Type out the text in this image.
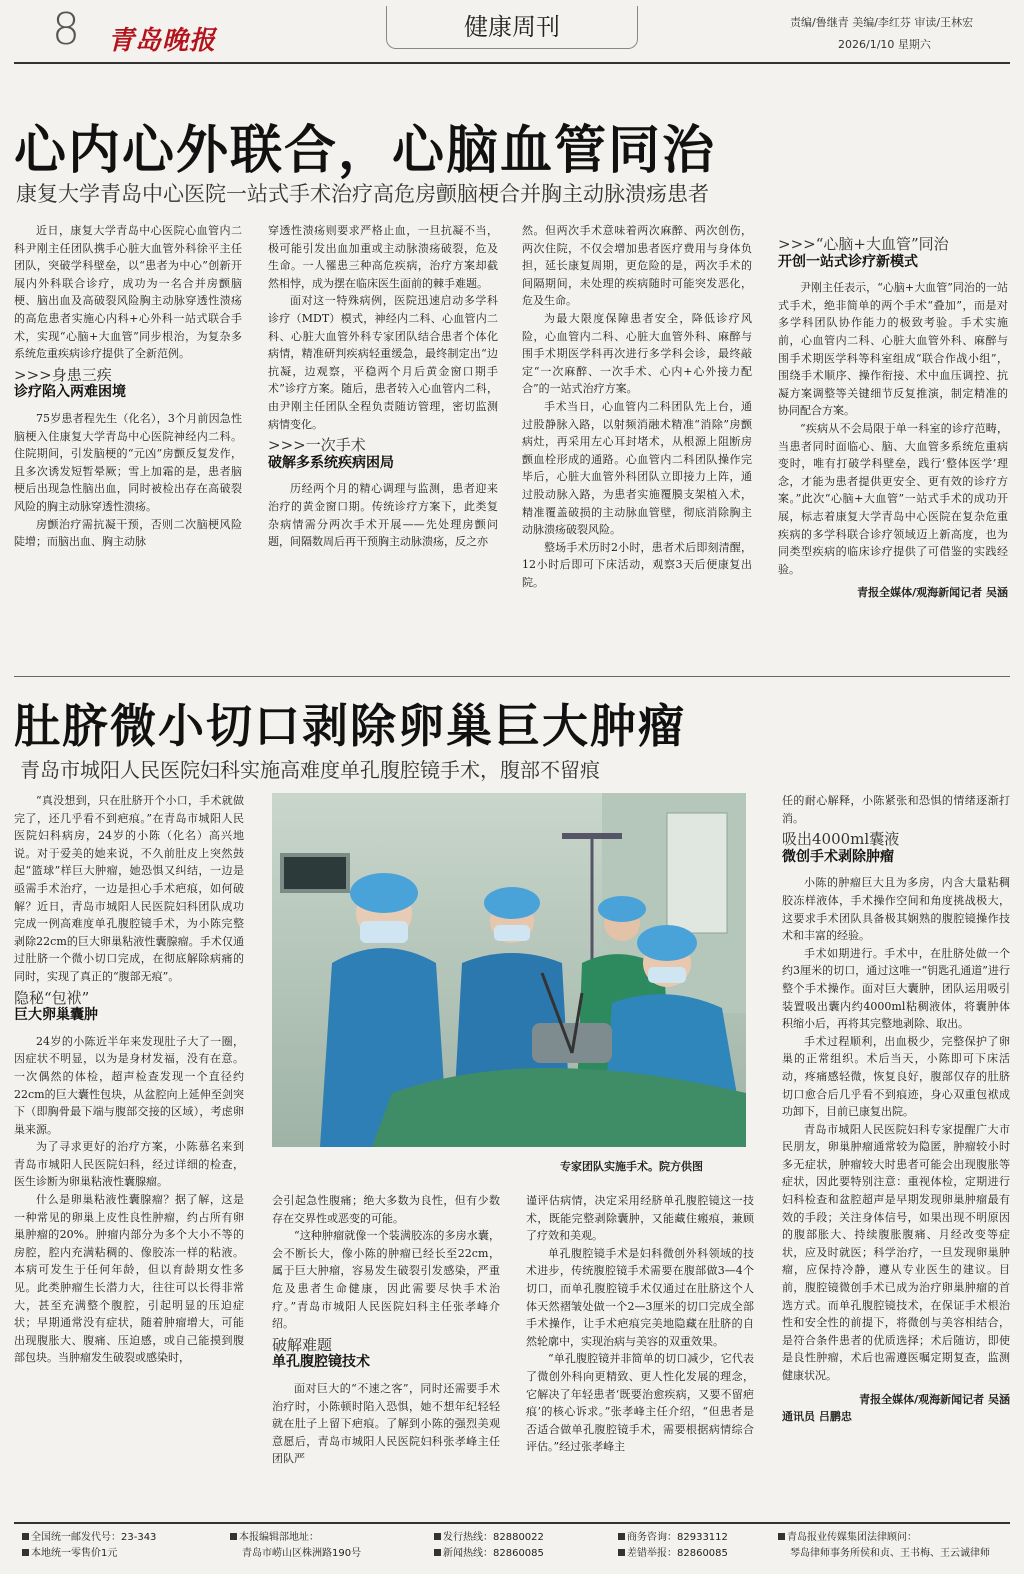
8 青岛晚报	健康周刊	责编/鲁继青 美编/李红芬 审读/王林宏
2026/1/10 星期六
心内心外联合，心脑血管同治
康复大学青岛中心医院一站式手术治疗高危房颤脑梗合并胸主动脉溃疡患者

近日，康复大学青岛中心医院心血管内二科尹刚主任团队携手心脏大血管外科徐平主任团队，突破学科壁垒，以“患者为中心”创新开展内外科联合诊疗，成功为一名合并房颤脑梗、脑出血及高破裂风险胸主动脉穿透性溃疡的高危患者实施心内科+心外科一站式联合手术，实现“心脑+大血管”同步根治，为复杂多系统危重疾病诊疗提供了全新范例。

>>>身患三疾
诊疗陷入两难困境

75岁患者程先生（化名），3个月前因急性脑梗入住康复大学青岛中心医院神经内二科。住院期间，引发脑梗的“元凶”房颤反复发作，且多次诱发短暂晕厥；雪上加霜的是，患者脑梗后出现急性脑出血，同时被检出存在高破裂风险的胸主动脉穿透性溃疡。

房颤治疗需抗凝干预，否则二次脑梗风险陡增；而脑出血、胸主动脉

穿透性溃疡则要求严格止血，一旦抗凝不当，极可能引发出血加重或主动脉溃疡破裂，危及生命。一人罹患三种高危疾病，治疗方案却截然相悖，成为摆在临床医生面前的棘手难题。

面对这一特殊病例，医院迅速启动多学科诊疗（MDT）模式，神经内二科、心血管内二科、心脏大血管外科专家团队结合患者个体化病情，精准研判疾病轻重缓急，最终制定出“边抗凝，边观察，平稳两个月后黄金窗口期手术”诊疗方案。随后，患者转入心血管内二科，由尹刚主任团队全程负责随访管理，密切监测病情变化。

>>>一次手术
破解多系统疾病困局

历经两个月的精心调理与监测，患者迎来治疗的黄金窗口期。传统诊疗方案下，此类复杂病情需分两次手术开展——先处理房颤问题，间隔数周后再干预胸主动脉溃疡，反之亦

然。但两次手术意味着两次麻醉、两次创伤，两次住院，不仅会增加患者医疗费用与身体负担，延长康复周期，更危险的是，两次手术的间隔期间，未处理的疾病随时可能突发恶化，危及生命。

为最大限度保障患者安全，降低诊疗风险，心血管内二科、心脏大血管外科、麻醉与围手术期医学科再次进行多学科会诊，最终敲定“一次麻醉、一次手术、心内+心外接力配合”的一站式治疗方案。

手术当日，心血管内二科团队先上台，通过股静脉入路，以射频消融术精准“消除”房颤病灶，再采用左心耳封堵术，从根源上阻断房颤血栓形成的通路。心血管内二科团队操作完毕后，心脏大血管外科团队立即接力上阵，通过股动脉入路，为患者实施覆膜支架植入术，精准覆盖破损的主动脉血管壁，彻底消除胸主动脉溃疡破裂风险。

整场手术历时2小时，患者术后即刻清醒，12小时后即可下床活动，观察3天后便康复出院。

>>>“心脑+大血管”同治
开创一站式诊疗新模式

尹刚主任表示，“心脑+大血管”同治的一站式手术，绝非简单的两个手术“叠加”，而是对多学科团队协作能力的极致考验。手术实施前，心血管内二科、心脏大血管外科、麻醉与围手术期医学科等科室组成“联合作战小组”，围绕手术顺序、操作衔接、术中血压调控、抗凝方案调整等关键细节反复推演，制定精准的协同配合方案。

“疾病从不会局限于单一科室的诊疗范畴，当患者同时面临心、脑、大血管多系统危重病变时，唯有打破学科壁垒，践行‘整体医学’理念，才能为患者提供更安全、更有效的诊疗方案。”此次“心脑+大血管”一站式手术的成功开展，标志着康复大学青岛中心医院在复杂危重疾病的多学科联合诊疗领域迈上新高度，也为同类型疾病的临床诊疗提供了可借鉴的实践经验。

青报全媒体/观海新闻记者 吴涵
肚脐微小切口剥除卵巢巨大肿瘤
青岛市城阳人民医院妇科实施高难度单孔腹腔镜手术，腹部不留痕

“真没想到，只在肚脐开个小口，手术就做完了，还几乎看不到疤痕。”在青岛市城阳人民医院妇科病房，24岁的小陈（化名）高兴地说。对于爱美的她来说，不久前肚皮上突然鼓起“篮球”样巨大肿瘤，她恐惧又纠结，一边是亟需手术治疗，一边是担心手术疤痕，如何破解？近日，青岛市城阳人民医院妇科团队成功完成一例高难度单孔腹腔镜手术，为小陈完整剥除22cm的巨大卵巢粘液性囊腺瘤。手术仅通过肚脐一个微小切口完成，在彻底解除病痛的同时，实现了真正的“腹部无痕”。

隐秘“包袱”
巨大卵巢囊肿

24岁的小陈近半年来发现肚子大了一圈，因症状不明显，以为是身材发福，没有在意。一次偶然的体检，超声检查发现一个直径约22cm的巨大囊性包块，从盆腔向上延伸至剑突下（即胸骨最下端与腹部交接的区域），考虑卵巢来源。

为了寻求更好的治疗方案，小陈慕名来到青岛市城阳人民医院妇科，经过详细的检查，医生诊断为卵巢粘液性囊腺瘤。

什么是卵巢粘液性囊腺瘤？据了解，这是一种常见的卵巢上皮性良性肿瘤，约占所有卵巢肿瘤的20%。肿瘤内部分为多个大小不等的房腔，腔内充满粘稠的、像胶冻一样的粘液。本病可发生于任何年龄，但以育龄期女性多见。此类肿瘤生长潜力大，往往可以长得非常大，甚至充满整个腹腔，引起明显的压迫症状；早期通常没有症状，随着肿瘤增大，可能出现腹胀大、腹痛、压迫感，或自己能摸到腹部包块。当肿瘤发生破裂或感染时，

专家团队实施手术。院方供图

会引起急性腹痛；绝大多数为良性，但有少数存在交界性或恶变的可能。

“这种肿瘤就像一个装满胶冻的多房水囊，会不断长大，像小陈的肿瘤已经长至22cm，属于巨大肿瘤，容易发生破裂引发感染，严重危及患者生命健康，因此需要尽快手术治疗。”青岛市城阳人民医院妇科主任张孝峰介绍。

破解难题
单孔腹腔镜技术

面对巨大的“不速之客”，同时还需要手术治疗时，小陈顿时陷入恐惧，她不想年纪轻轻就在肚子上留下疤痕。了解到小陈的强烈美观意愿后，青岛市城阳人民医院妇科张孝峰主任团队严

谨评估病情，决定采用经脐单孔腹腔镜这一技术，既能完整剥除囊肿，又能藏住瘢痕，兼顾了疗效和美观。

单孔腹腔镜手术是妇科微创外科领域的技术进步，传统腹腔镜手术需要在腹部做3—4个切口，而单孔腹腔镜手术仅通过在肚脐这个人体天然褶皱处做一个2—3厘米的切口完成全部手术操作，让手术疤痕完美地隐藏在肚脐的自然轮廓中，实现治病与美容的双重效果。

“单孔腹腔镜并非简单的切口减少，它代表了微创外科向更精致、更人性化发展的理念，它解决了年轻患者‘既要治愈疾病，又要不留疤痕’的核心诉求。”张孝峰主任介绍，“但患者是否适合做单孔腹腔镜手术，需要根据病情综合评估。”经过张孝峰主

任的耐心解释，小陈紧张和恐惧的情绪逐渐打消。

吸出4000ml囊液
微创手术剥除肿瘤

小陈的肿瘤巨大且为多房，内含大量粘稠胶冻样液体，手术操作空间和角度挑战极大，这要求手术团队具备极其娴熟的腹腔镜操作技术和丰富的经验。

手术如期进行。手术中，在肚脐处做一个约3厘米的切口，通过这唯一“钥匙孔通道”进行整个手术操作。面对巨大囊肿，团队运用吸引装置吸出囊内约4000ml粘稠液体，将囊肿体积缩小后，再将其完整地剥除、取出。

手术过程顺利，出血极少，完整保护了卵巢的正常组织。术后当天，小陈即可下床活动，疼痛感轻微，恢复良好，腹部仅存的肚脐切口愈合后几乎看不到痕迹，身心双重包袱成功卸下，目前已康复出院。

青岛市城阳人民医院妇科专家提醒广大市民朋友，卵巢肿瘤通常较为隐匿，肿瘤较小时多无症状，肿瘤较大时患者可能会出现腹胀等症状，因此要特别注意：重视体检，定期进行妇科检查和盆腔超声是早期发现卵巢肿瘤最有效的手段；关注身体信号，如果出现不明原因的腹部胀大、持续腹胀腹痛、月经改变等症状，应及时就医；科学治疗，一旦发现卵巢肿瘤，应保持冷静，遵从专业医生的建议。目前，腹腔镜微创手术已成为治疗卵巢肿瘤的首选方式。而单孔腹腔镜技术，在保证手术根治性和安全性的前提下，将微创与美容相结合，是符合条件患者的优质选择；术后随访，即使是良性肿瘤，术后也需遵医嘱定期复查，监测健康状况。

青报全媒体/观海新闻记者 吴涵
通讯员 吕鹏忠
全国统一邮发代号：23-343
本地统一零售价1元
本报编辑部地址：
青岛市崂山区株洲路190号
发行热线：82880022
新闻热线：82860085
商务咨询：82933112
差错举报：82860085
青岛报业传媒集团法律顾问：
琴岛律师事务所侯和贞、王书梅、王云诚律师
